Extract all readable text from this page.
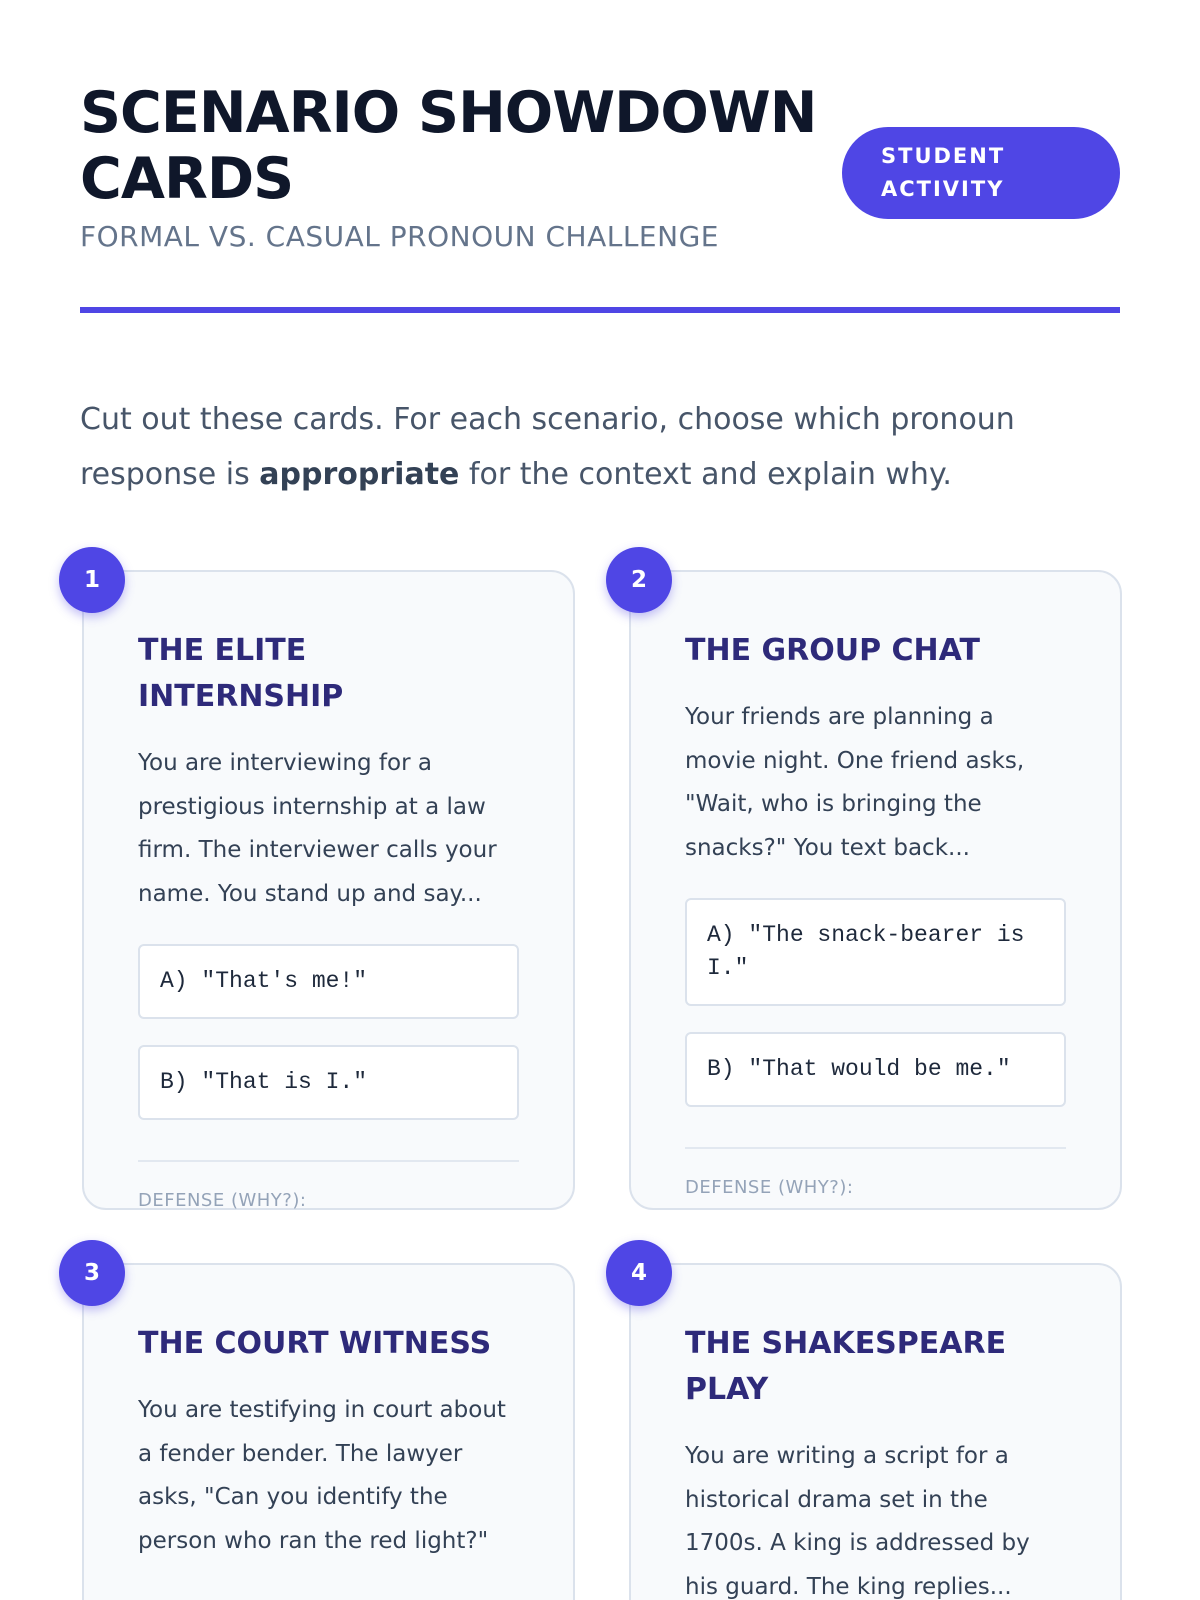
SCENARIO SHOWDOWN CARDS
FORMAL VS. CASUAL PRONOUN CHALLENGE
STUDENT ACTIVITY

Cut out these cards. For each scenario, choose which pronoun response is appropriate for the context and explain why.

1
THE ELITE INTERNSHIP

You are interviewing for a prestigious internship at a law firm. The interviewer calls your name. You stand up and say...

A) "That's me!"
B) "That is I."
DEFENSE (WHY?):
2
THE GROUP CHAT

Your friends are planning a movie night. One friend asks, "Wait, who is bringing the snacks?" You text back...

A) "The snack-bearer is I."
B) "That would be me."
DEFENSE (WHY?):
3
THE COURT WITNESS

You are testifying in court about a fender bender. The lawyer asks, "Can you identify the person who ran the red light?"

4
THE SHAKESPEARE PLAY

You are writing a script for a historical drama set in the 1700s. A king is addressed by his guard. The king replies...
